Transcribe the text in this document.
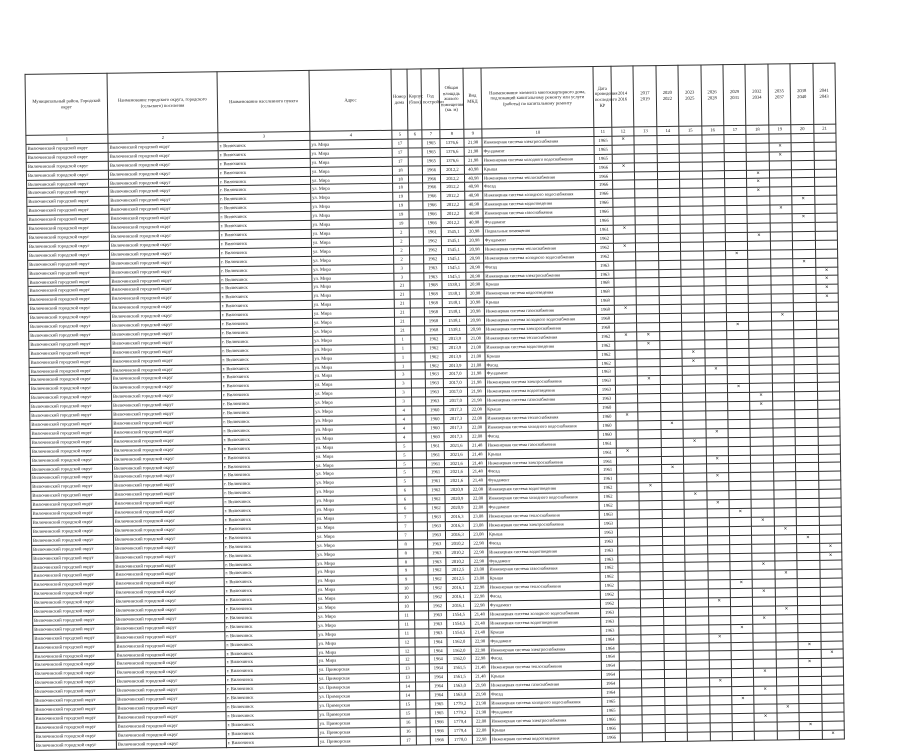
Муниципальный район, Городской округ	Наименование городского округа, городского (сельского) поселения	Наименование населенного пункта	Адрес	Номер дома	Корпус (блок)	Год постройки	Общая площадь жилого помещения (кв. м)	Вид МКД	Наименование элемента многоквартирного дома, подлежащий капитальному ремонту или услуги (работы) по капитальному ремонту	Дата проведения последнего КР	2014 2016	2017 2019	2020 2022	2023 2025	2026 2028	2029 2031	2032 2034	2035 2037	2038 2040	2041 2043
1	2	3	4	5	6	7	8	9	10	11	12	13	14	15	16	17	18	19	20	21
Вилючинский городской округ	Вилючинский городской округ	г. Вилючинск	ул. Мира	17		1965	1376,6	21,98	Инженерная система электроснабжения	1965	×									
Вилючинский городской округ	Вилючинский городской округ	г. Вилючинск	ул. Мира	17		1965	1376,6	21,98	Фундамент	1965								×		
Вилючинский городской округ	Вилючинский городской округ	г. Вилючинск	ул. Мира	17		1965	1376,6	21,98	Инженерная система холодного водоснабжения	1965								×		
Вилючинский городской округ	Вилючинский городской округ	г. Вилючинск	ул. Мира	18		1966	2012,2	40,98	Крыша	1966	×									
Вилючинский городской округ	Вилючинский городской округ	г. Вилючинск	ул. Мира	18		1966	2012,2	40,98	Инженерная система теплоснабжения	1966							×			
Вилючинский городской округ	Вилючинский городской округ	г. Вилючинск	ул. Мира	18		1966	2012,2	40,98	Фасад	1966							×			
Вилючинский городской округ	Вилючинский городской округ	г. Вилючинск	ул. Мира	19		1966	2012,2	40,98	Инженерная система холодного водоснабжения	1966							×			
Вилючинский городской округ	Вилючинский городской округ	г. Вилючинск	ул. Мира	19		1966	2012,2	40,98	Инженерная система водоотведения	1966									×	
Вилючинский городской округ	Вилючинский городской округ	г. Вилючинск	ул. Мира	19		1966	2012,2	40,98	Инженерная система газоснабжения	1966								×		
Вилючинский городской округ	Вилючинский городской округ	г. Вилючинск	ул. Мира	19		1966	2012,2	40,98	Фундамент	1966									×	
Вилючинский городской округ	Вилючинский городской округ	г. Вилючинск	ул. Мира	2		1961	1545,1	20,98	Подвальные помещения	1961	×									
Вилючинский городской округ	Вилючинский городской округ	г. Вилючинск	ул. Мира	2		1962	1545,1	20,98	Фундамент	1962							×			
Вилючинский городской округ	Вилючинский городской округ	г. Вилючинск	ул. Мира	2		1962	1545,1	20,98	Инженерная система теплоснабжения	1962	×									
Вилючинский городской округ	Вилючинский городской округ	г. Вилючинск	ул. Мира	2		1962	1545,1	20,98	Инженерная система холодного водоснабжения	1962						×				
Вилючинский городской округ	Вилючинский городской округ	г. Вилючинск	ул. Мира	3		1963	1545,1	20,98	Фасад	1963									×	
Вилючинский городской округ	Вилючинский городской округ	г. Вилючинск	ул. Мира	3		1963	1545,1	20,98	Инженерная система электроснабжения	1963										×
Вилючинский городской округ	Вилючинский городской округ	г. Вилючинск	ул. Мира	21		1968	1538,1	20,98	Крыша	1968										×
Вилючинский городской округ	Вилючинский городской округ	г. Вилючинск	ул. Мира	21		1968	1538,1	20,98	Инженерная система водоотведения	1968										×
Вилючинский городской округ	Вилючинский городской округ	г. Вилючинск	ул. Мира	21		1968	1538,1	20,98	Крыша	1968										×
Вилючинский городской округ	Вилючинский городской округ	г. Вилючинск	ул. Мира	21		1968	1538,1	20,98	Инженерная система газоснабжения	1968	×									
Вилючинский городской округ	Вилючинский городской округ	г. Вилючинск	ул. Мира	21		1968	1538,1	20,98	Инженерная система холодного водоснабжения	1968								×		
Вилючинский городской округ	Вилючинский городской округ	г. Вилючинск	ул. Мира	21		1968	1538,1	20,98	Инженерная система электроснабжения	1968						×				
Вилючинский городской округ	Вилючинский городской округ	г. Вилючинск	ул. Мира	1		1962	2013,9	21,08	Инженерная система теплоснабжения	1962	×	×								
Вилючинский городской округ	Вилючинский городской округ	г. Вилючинск	ул. Мира	1		1962	2013,9	21,08	Инженерная система водоотведения	1962		×								
Вилючинский городской округ	Вилючинский городской округ	г. Вилючинск	ул. Мира	1		1962	2013,9	21,08	Крыша	1962				×						
Вилючинский городской округ	Вилючинский городской округ	г. Вилючинск	ул. Мира	1		1962	2013,9	21,08	Фасад	1962				×						
Вилючинский городской округ	Вилючинский городской округ	г. Вилючинск	ул. Мира	3		1963	2017,0	21,98	Фундамент	1963					×					
Вилючинский городской округ	Вилючинский городской округ	г. Вилючинск	ул. Мира	3		1963	2017,0	21,98	Инженерная система электроснабжения	1963		×								
Вилючинский городской округ	Вилючинский городской округ	г. Вилючинск	ул. Мира	3		1963	2017,0	21,98	Инженерная система водоотведения	1963						×				
Вилючинский городской округ	Вилючинский городской округ	г. Вилючинск	ул. Мира	3		1963	2017,0	21,98	Инженерная система газоснабжения	1963							×			
Вилючинский городской округ	Вилючинский городской округ	г. Вилючинск	ул. Мира	4		1960	2017,3	22,08	Крыша	1960							×			
Вилючинский городской округ	Вилючинский городской округ	г. Вилючинск	ул. Мира	4		1960	2017,3	22,08	Инженерная система теплоснабжения	1960	×									
Вилючинский городской округ	Вилючинский городской округ	г. Вилючинск	ул. Мира	4		1960	2017,3	22,08	Инженерная система холодного водоснабжения	1960			×							
Вилючинский городской округ	Вилючинский городской округ	г. Вилючинск	ул. Мира	4		1960	2017,3	22,08	Фасад	1960					×					
Вилючинский городской округ	Вилючинский городской округ	г. Вилючинск	ул. Мира	5		1961	2021,6	21,48	Инженерная система газоснабжения	1961				×						
Вилючинский городской округ	Вилючинский городской округ	г. Вилючинск	ул. Мира	5		1961	2021,6	21,48	Крыша	1961	×									
Вилючинский городской округ	Вилючинский городской округ	г. Вилючинск	ул. Мира	5		1961	2021,6	21,48	Инженерная система электроснабжения	1961					×					
Вилючинский городской округ	Вилючинский городской округ	г. Вилючинск	ул. Мира	5		1961	2021,6	21,48	Фасад	1961			×							
Вилючинский городской округ	Вилючинский городской округ	г. Вилючинск	ул. Мира	5		1961	2021,6	21,48	Фундамент	1961					×					
Вилючинский городской округ	Вилючинский городской округ	г. Вилючинск	ул. Мира	6		1962	2020,9	22,08	Инженерная система водоотведения	1962		×								
Вилючинский городской округ	Вилючинский городской округ	г. Вилючинск	ул. Мира	6		1962	2020,9	22,08	Инженерная система холодного водоснабжения	1962				×						
Вилючинский городской округ	Вилючинский городской округ	г. Вилючинск	ул. Мира	6		1962	2020,9	22,08	Фундамент	1962					×					
Вилючинский городской округ	Вилючинский городской округ	г. Вилючинск	ул. Мира	7		1963	2016,3	23,08	Инженерная система теплоснабжения	1963						×				
Вилючинский городской округ	Вилючинский городской округ	г. Вилючинск	ул. Мира	7		1963	2016,3	23,08	Инженерная система электроснабжения	1963							×			
Вилючинский городской округ	Вилючинский городской округ	г. Вилючинск	ул. Мира	7		1963	2016,3	23,08	Крыша	1963								×		
Вилючинский городской округ	Вилючинский городской округ	г. Вилючинск	ул. Мира	8		1963	2010,2	22,98	Фасад	1963									×	
Вилючинский городской округ	Вилючинский городской округ	г. Вилючинск	ул. Мира	8		1963	2010,2	22,98	Инженерная система водоотведения	1963										×
Вилючинский городской округ	Вилючинский городской округ	г. Вилючинск	ул. Мира	8		1963	2010,2	22,98	Фундамент	1963										×
Вилючинский городской округ	Вилючинский городской округ	г. Вилючинск	ул. Мира	9		1962	2012,5	23,08	Инженерная система газоснабжения	1962							×			
Вилючинский городской округ	Вилючинский городской округ	г. Вилючинск	ул. Мира	9		1962	2012,5	23,08	Крыша	1962								×		
Вилючинский городской округ	Вилючинский городской округ	г. Вилючинск	ул. Мира	10		1962	2016,1	22,98	Инженерная система теплоснабжения	1962						×				
Вилючинский городской округ	Вилючинский городской округ	г. Вилючинск	ул. Мира	10		1962	2016,1	22,98	Фасад	1962							×			
Вилючинский городской округ	Вилючинский городской округ	г. Вилючинск	ул. Мира	10		1962	2016,1	22,98	Фундамент	1962					×					
Вилючинский городской округ	Вилючинский городской округ	г. Вилючинск	ул. Мира	11		1963	1554,5	21,48	Инженерная система холодного водоснабжения	1963								×		
Вилючинский городской округ	Вилючинский городской округ	г. Вилючинск	ул. Мира	11		1963	1554,5	21,48	Инженерная система водоотведения	1963							×			
Вилючинский городской округ	Вилючинский городской округ	г. Вилючинск	ул. Мира	11		1963	1554,5	21,48	Крыша	1963						×				
Вилючинский городской округ	Вилючинский городской округ	г. Вилючинск	ул. Мира	12		1964	1562,0	22,98	Фундамент	1964					×					
Вилючинский городской округ	Вилючинский городской округ	г. Вилючинск	ул. Мира	12		1964	1562,0	22,98	Инженерная система электроснабжения	1964									×	
Вилючинский городской округ	Вилючинский городской округ	г. Вилючинск	ул. Мира	12		1964	1562,0	22,98	Фасад	1964										×
Вилючинский городской округ	Вилючинский городской округ	г. Вилючинск	ул. Приморская	13		1964	1561,5	21,48	Инженерная система теплоснабжения	1964									×	
Вилючинский городской округ	Вилючинский городской округ	г. Вилючинск	ул. Приморская	13		1964	1561,5	21,48	Крыша	1964							×			
Вилючинский городской округ	Вилючинский городской округ	г. Вилючинск	ул. Приморская	14		1964	1563,0	21,98	Инженерная система газоснабжения	1964					×					
Вилючинский городской округ	Вилючинский городской округ	г. Вилючинск	ул. Приморская	14		1964	1563,0	21,98	Фасад	1964							×			
Вилючинский городской округ	Вилючинский городской округ	г. Вилючинск	ул. Приморская	15		1965	1779,2	21,98	Инженерная система холодного водоснабжения	1965						×				
Вилючинский городской округ	Вилючинский городской округ	г. Вилючинск	ул. Приморская	15		1965	1779,2	21,98	Фундамент	1965								×		
Вилючинский городской округ	Вилючинский городской округ	г. Вилючинск	ул. Приморская	16		1966	1779,4	22,08	Инженерная система электроснабжения	1966							×			
Вилючинский городской округ	Вилючинский городской округ	г. Вилючинск	ул. Приморская	16		1966	1779,4	22,08	Крыша	1966									×	
Вилючинский городской округ	Вилючинский городской округ	г. Вилючинск	ул. Приморская	17		1966	1778,0	22,98	Инженерная система водоотведения	1966										×
